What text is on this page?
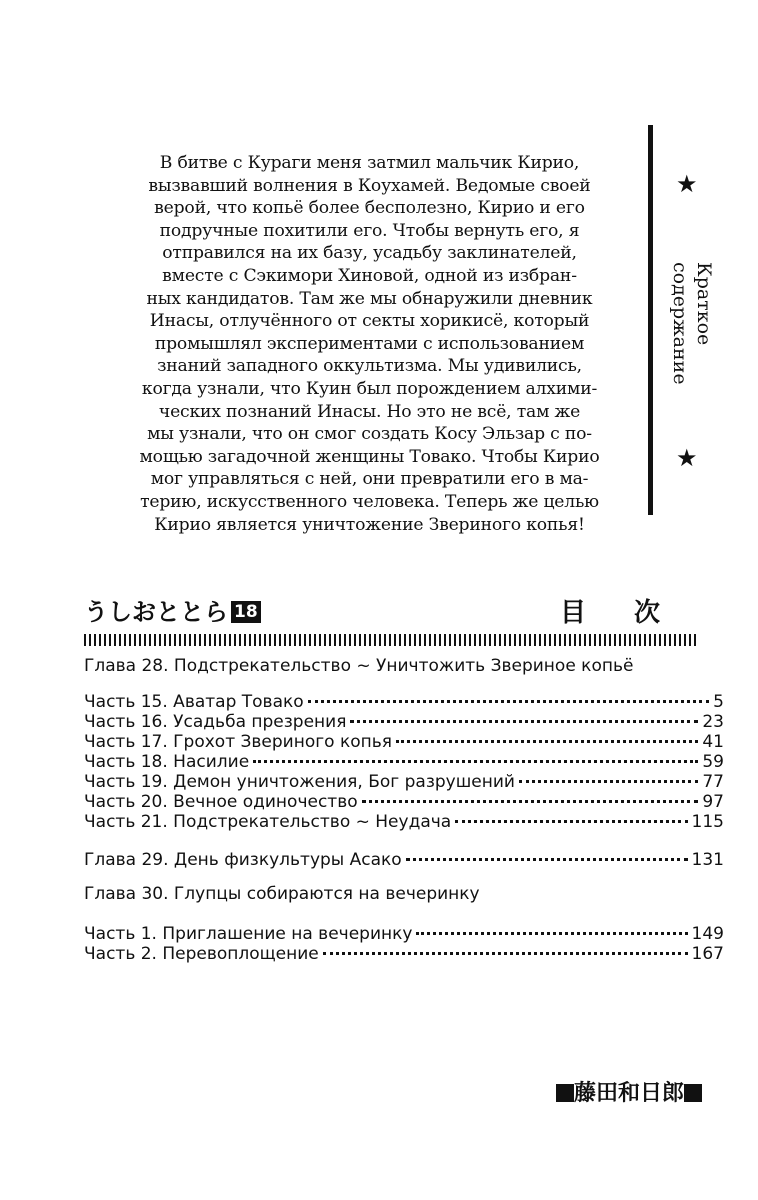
В битве с Кураги меня затмил мальчик Кирио,
вызвавший волнения в Коухамей. Ведомые своей
верой, что копьё более бесполезно, Кирио и его
подручные похитили его. Чтобы вернуть его, я
отправился на их базу, усадьбу заклинателей,
вместе с Сэкимори Хиновой, одной из избран-
ных кандидатов. Там же мы обнаружили дневник
Инасы, отлучённого от секты хорикисё, который
промышлял экспериментами с использованием
знаний западного оккультизма. Мы удивились,
когда узнали, что Куин был порождением алхими-
ческих познаний Инасы. Но это не всё, там же
мы узнали, что он смог создать Косу Эльзар с по-
мощью загадочной женщины Товако. Чтобы Кирио
мог управляться с ней, они превратили его в ма-
терию, искусственного человека. Теперь же целью
Кирио является уничтожение Звериного копья!
★
Краткое содержание
★
うしおととら 18	目次
Глава 28. Подстрекательство ~ Уничтожить Звериное копьё
Часть 15. Аватар Товако	5
Часть 16. Усадьба презрения	23
Часть 17. Грохот Звериного копья	41
Часть 18. Насилие	59
Часть 19. Демон уничтожения, Бог разрушений	77
Часть 20. Вечное одиночество	97
Часть 21. Подстрекательство ~ Неудача	115
Глава 29. День физкультуры Асако	131
Глава 30. Глупцы собираются на вечеринку
Часть 1. Приглашение на вечеринку	149
Часть 2. Перевоплощение	167
藤田和日郎
